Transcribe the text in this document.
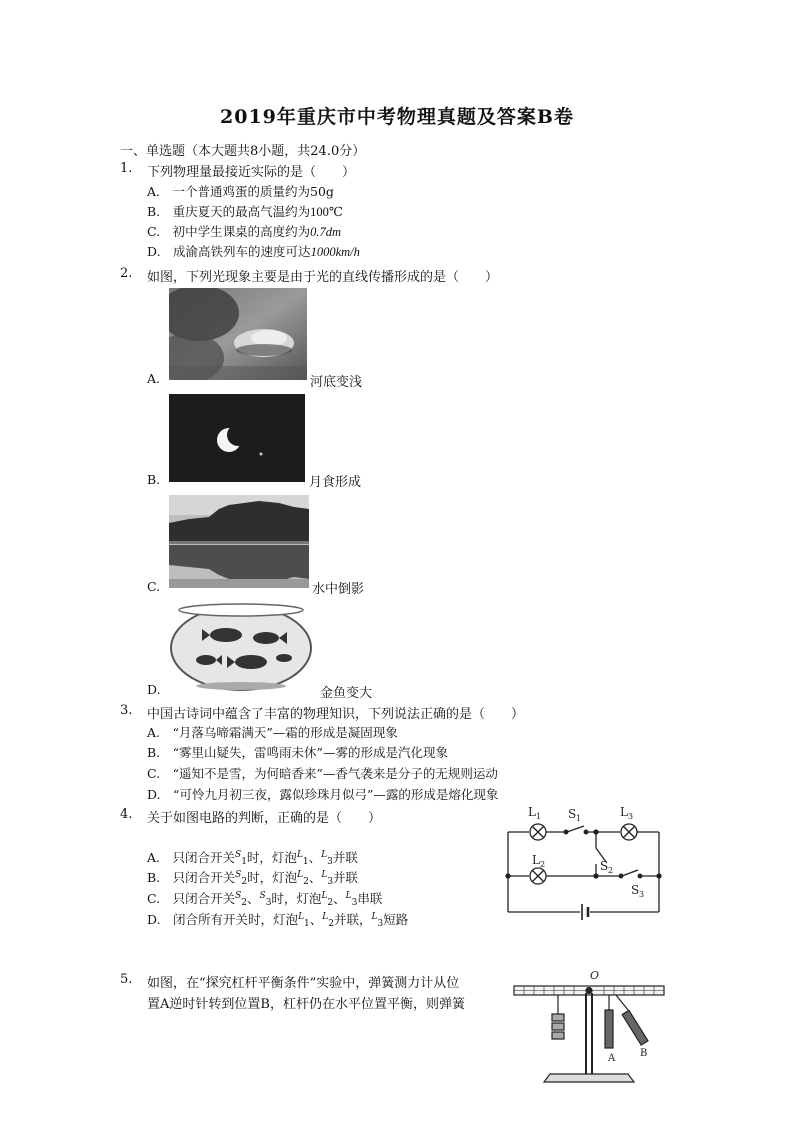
2019年重庆市中考物理真题及答案B卷
一、单选题（本大题共8小题，共24.0分）
1. 下列物理量最接近实际的是（　　）
A.　一个普通鸡蛋的质量约为50g
B.　重庆夏天的最高气温约为100℃
C.　初中学生课桌的高度约为0.7dm
D.　成渝高铁列车的速度可达1000km/h
2. 如图，下列光现象主要是由于光的直线传播形成的是（　　）
A.	河底变浅
B.	月食形成
C.	水中倒影
D.	金鱼变大
3. 中国古诗词中蕴含了丰富的物理知识，下列说法正确的是（　　）
A.　“月落乌啼霜满天”—霜的形成是凝固现象
B.　“雾里山疑失，雷鸣雨未休”—雾的形成是汽化现象
C.　“遥知不是雪，为何暗香来”—香气袭来是分子的无规则运动
D.　“可怜九月初三夜，露似珍珠月似弓”—露的形成是熔化现象
4. 关于如图电路的判断，正确的是（　　）
A.　只闭合开关$^S_1$时，灯泡$^L_1$、$^L_3$并联
B.　只闭合开关$^S_2$时，灯泡$^L_2$、$^L_3$并联
C.　只闭合开关$^S_2$、$^S_3$时，灯泡$^L_2$、$^L_3$串联
D.　闭合所有开关时，灯泡$^L_1$、$^L_2$并联，$^L_3$短路
L 1 S 1	L 3
L 2	S 2
S 3
5. 如图，在“探究杠杆平衡条件”实验中，弹簧测力计从位
置A逆时针转到位置B，杠杆仍在水平位置平衡，则弹簧
O
A B
